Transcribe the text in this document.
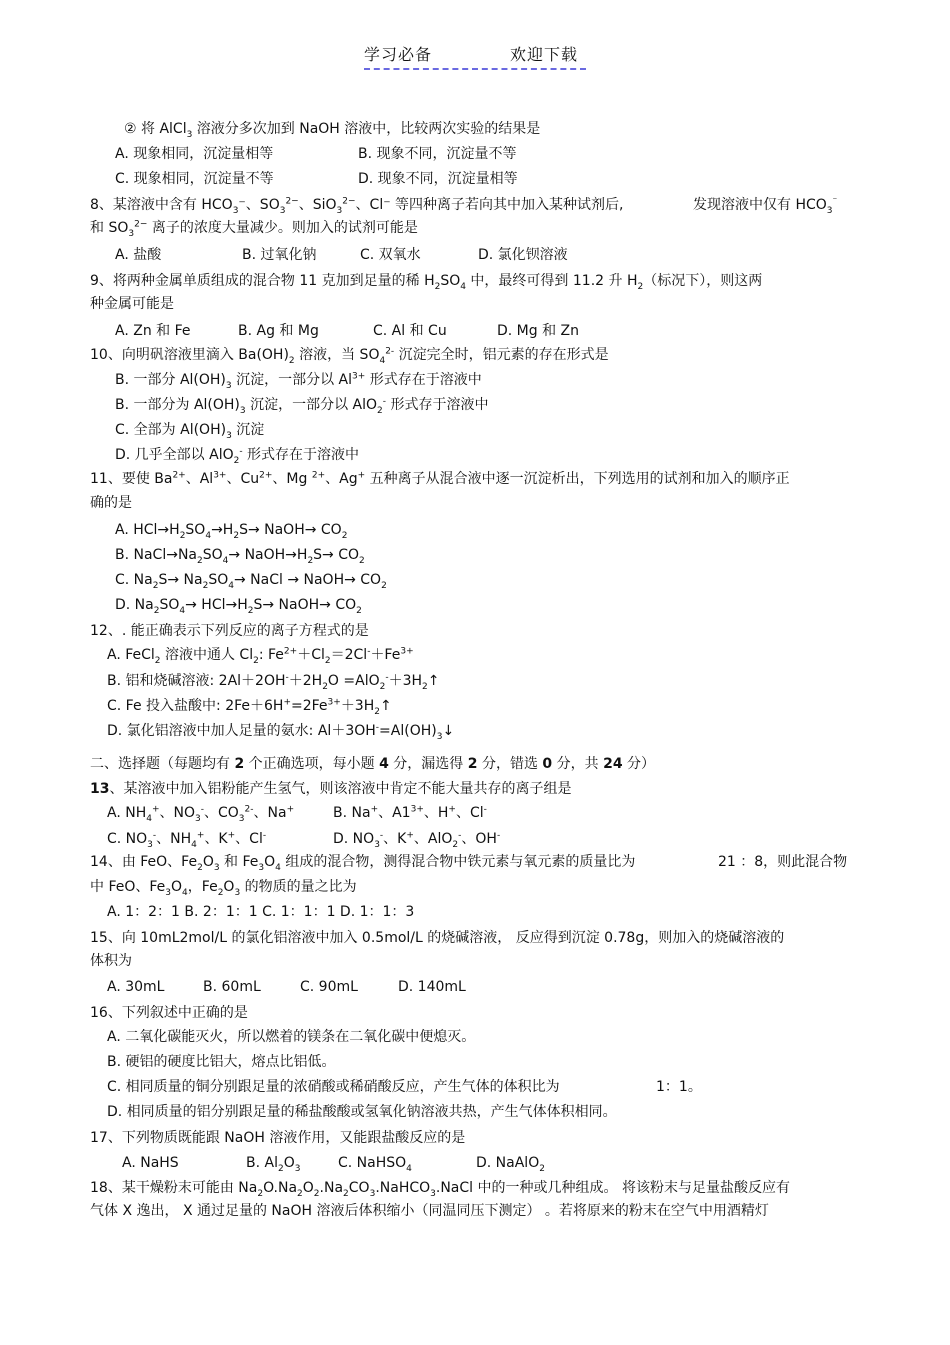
学习必备	欢迎下载
② 将 AlCl$_3$ 溶液分多次加到 NaOH 溶液中，比较两次实验的结果是
A. 现象相同，沉淀量相等	B. 现象不同，沉淀量不等
C. 现象相同，沉淀量不等	D. 现象不同，沉淀量相等
8、某溶液中含有 $HCO_3^-$、$SO_3^{2-}$、SiO$_3^{2-}$、Cl⁻ 等四种离子若向其中加入某种试剂后,	发现溶液中仅有 $HCO_3^{^-}$
和 $SO_3^{2-}$ 离子的浓度大量减少。则加入的试剂可能是
A. 盐酸	B. 过氧化钠	C. 双氧水	D. 氯化钡溶液
9、将两种金属单质组成的混合物 11 克加到足量的稀 $H_2SO_4$ 中，最终可得到 11.2 升 $H_2$（标况下），则这两
种金属可能是
A. Zn 和 Fe	B. Ag 和 Mg	C. Al 和 Cu	D. Mg 和 Zn
10、向明矾溶液里滴入 $Ba(OH)_2$ 溶液，当 $SO_4^{2-}$ 沉淀完全时，铝元素的存在形式是
B. 一部分 $Al(OH)_3$ 沉淀，一部分以 $Al^{3+}$ 形式存在于溶液中
B. 一部分为 $Al(OH)_3$ 沉淀，一部分以 AlO$_2$- 形式存于溶液中
C. 全部为 $Al(OH)_3$ 沉淀
D. 几乎全部以 AlO$_2$- 形式存在于溶液中
11、要使 $Ba^{2+}$、$Al^{3+}$、$Cu^{2+}$、Mg $^{2+}$、Ag+ 五种离子从混合液中逐一沉淀析出，下列选用的试剂和加入的顺序正
确的是
A. $HCl\to H_2SO_4\to H_2S\to$ NaOH→ $CO_2$
B. $NaCl\to Na_2SO_4\to$ $NaOH\to H_2S\to CO_2$
C. $Na_2S\to Na_2SO_4\to$ NaCl → NaOH→ $CO_2$
D. $Na_2SO_4\to HCl\to H_2S\to$ NaOH→ $CO_2$
12、. 能正确表示下列反应的离子方程式的是
A. FeCl$_2$ 溶液中通人 $Cl_2$: $Fe^{2+}+Cl_2=2Cl^-+Fe^{3+}$
B. 铝和烧碱溶液: $2Al+2OH^-+2H_2O$ $=AlO_2^-+3H_2↑$
C. Fe 投入盐酸中: $2Fe+6H^+=2Fe^{3+}+3H_2↑$
D. 氯化铝溶液中加人足量的氨水: $Al+3OH^-=Al(OH)_3↓$
二、选择题（每题均有 2 个正确选项，每小题 4 分，漏选得 2 分，错选 0 分，共 24 分）
13、某溶液中加入铝粉能产生氢气，则该溶液中肯定不能大量共存的离子组是
A. $NH_4^+$、$NO_3^-$、$CO_3^{2-}$、Na+	B. Na+、$A1^{3+}$、H+、Cl-
C. $NO_3^-$、$NH_4^+$、K+、Cl-	D. $NO_3^-$、K+、AlO$_2$-、OH-
14、由 FeO、$Fe_2O_3$ 和 $Fe_3O_4$ 组成的混合物，测得混合物中铁元素与氧元素的质量比为	21 ：8，则此混合物
中 FeO、$Fe_3O_4$，$Fe_2O_3$ 的物质的量之比为
A. 1：2：1 B. 2：1：1 C. 1：1：1 D. 1：1：3
15、向 10mL2mol/L 的氯化铝溶液中加入 0.5mol/L 的烧碱溶液， 反应得到沉淀 0.78g，则加入的烧碱溶液的
体积为
A. 30mL	B. 60mL	C. 90mL	D. 140mL
16、下列叙述中正确的是
A. 二氧化碳能灭火，所以燃着的镁条在二氧化碳中便熄灭。
B. 硬铝的硬度比铝大，熔点比铝低。
C. 相同质量的铜分别跟足量的浓硝酸或稀硝酸反应，产生气体的体积比为	1：1。
D. 相同质量的铝分别跟足量的稀盐酸酸或氢氧化钠溶液共热，产生气体体积相同。
17、下列物质既能跟 NaOH 溶液作用，又能跟盐酸反应的是
A. NaHS	B. $Al_2O_3$	C. NaHSO$_4$	D. NaAlO$_2$
18、某干燥粉末可能由 $Na_2O.Na_2O_2.Na_2CO_3.NaHCO_3.NaCl$ 中的一种或几种组成。 将该粉末与足量盐酸反应有
气体 X 逸出， X 通过足量的 NaOH 溶液后体积缩小（同温同压下测定） 。若将原来的粉末在空气中用酒精灯
